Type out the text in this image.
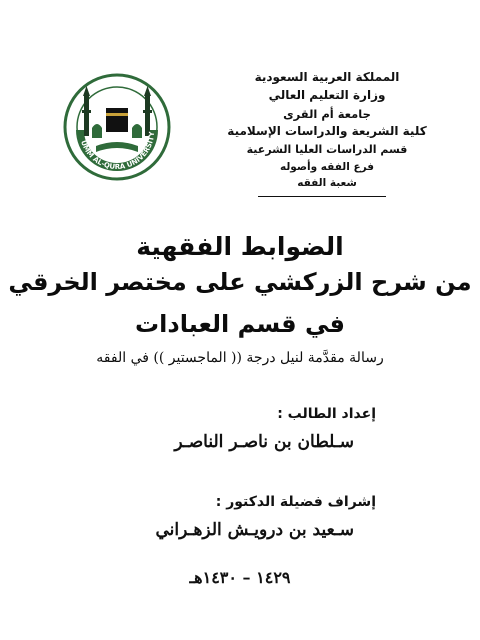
UMM AL-QURA UNIVERSITY
المملكة العربية السعودية
وزارة التعليم العالي
جامعة أم القرى
كلية الشريعة والدراسات الإسلامية
قسم الدراسات العليا الشرعية
فرع الفقه وأصوله
شعبة الفقه
الضوابط الفقهية
من شرح الزركشي على مختصر الخرقي
في قسم العبادات
رسالة مقدَّمة لنيل درجة (( الماجستير )) في الفقه
إعداد الطالب :
سـلطان بن ناصـر الناصـر
إشراف فضيلة الدكتور :
سـعيد بن درويـش الزهـراني
١٤٢٩ – ١٤٣٠هـ
